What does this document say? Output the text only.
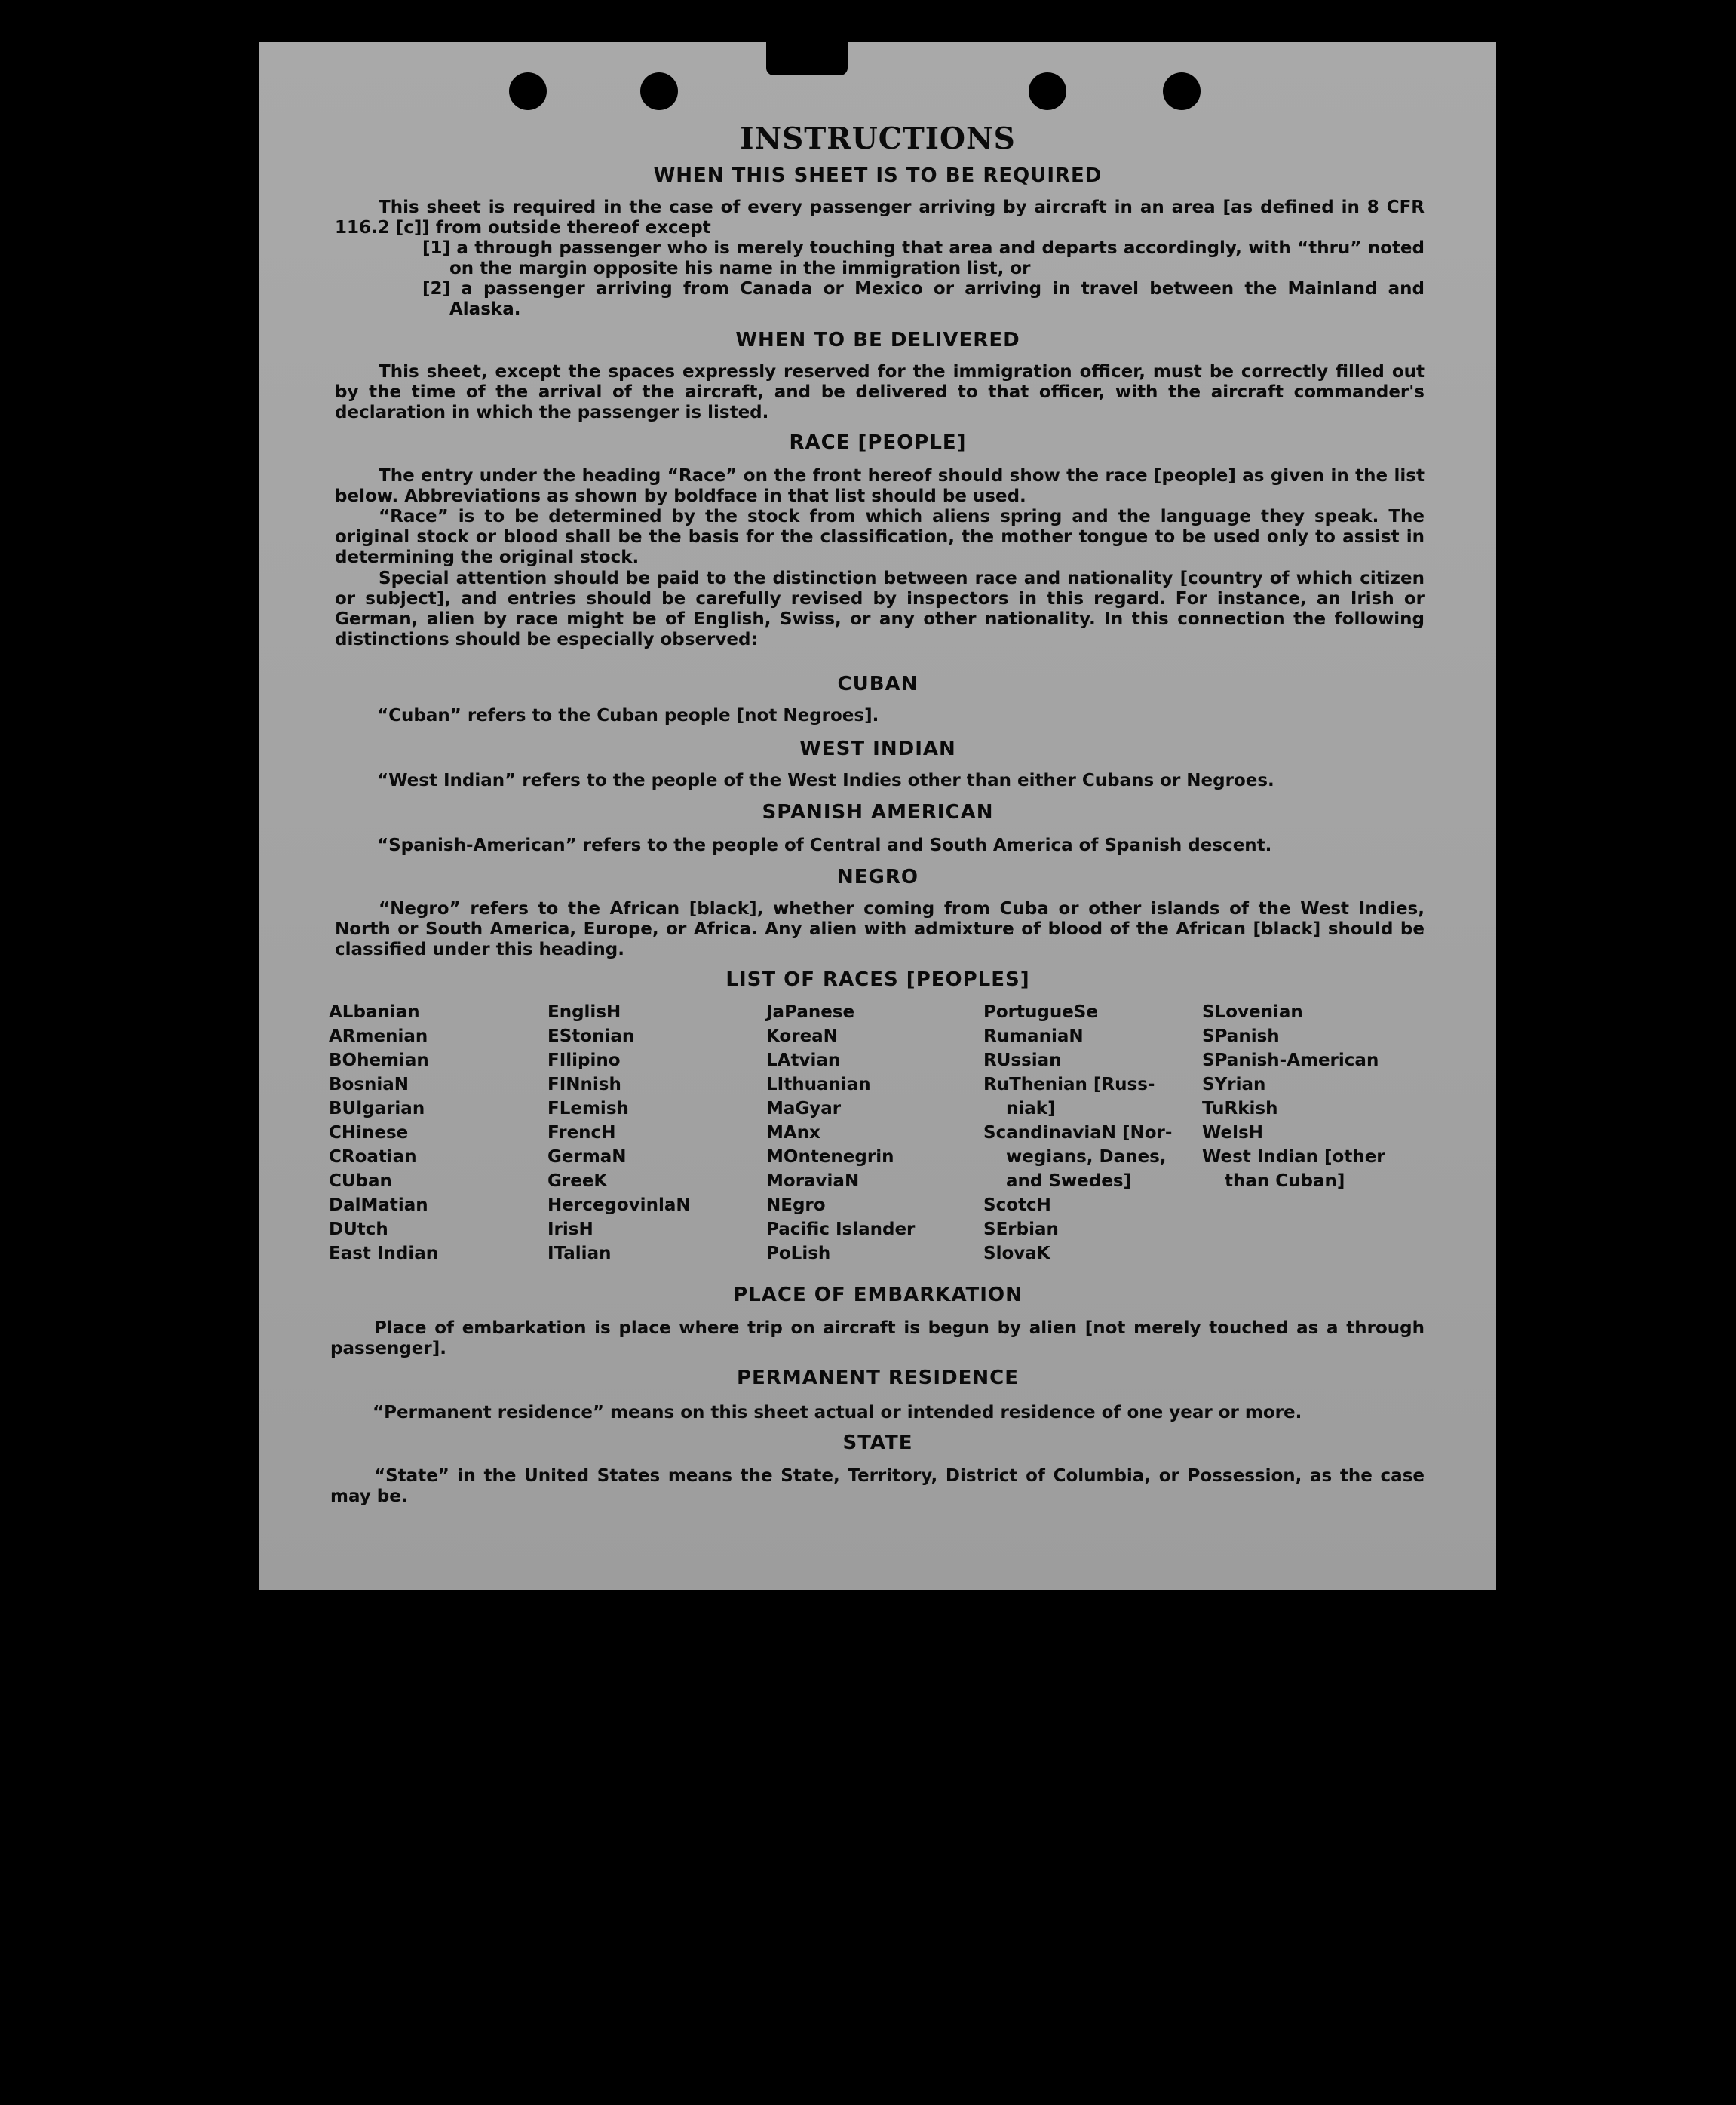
INSTRUCTIONS
WHEN THIS SHEET IS TO BE REQUIRED

This sheet is required in the case of every passenger arriving by aircraft in an area [as defined in 8 CFR 116.2 [c]] from outside thereof except

[1] a through passenger who is merely touching that area and departs accordingly, with “thru” noted on the margin opposite his name in the immigration list, or

[2] a passenger arriving from Canada or Mexico or arriving in travel between the Mainland and Alaska.

WHEN TO BE DELIVERED

This sheet, except the spaces expressly reserved for the immigration officer, must be correctly filled out by the time of the arrival of the aircraft, and be delivered to that officer, with the aircraft commander's declaration in which the passenger is listed.

RACE [PEOPLE]

The entry under the heading “Race” on the front hereof should show the race [people] as given in the list below. Abbreviations as shown by boldface in that list should be used.

“Race” is to be determined by the stock from which aliens spring and the language they speak. The original stock or blood shall be the basis for the classification, the mother tongue to be used only to assist in determining the original stock.

Special attention should be paid to the distinction between race and nationality [country of which citizen or subject], and entries should be carefully revised by inspectors in this regard. For instance, an Irish or German, alien by race might be of English, Swiss, or any other nationality. In this connection the following distinctions should be especially observed:

CUBAN

“Cuban” refers to the Cuban people [not Negroes].

WEST INDIAN

“West Indian” refers to the people of the West Indies other than either Cubans or Negroes.

SPANISH AMERICAN

“Spanish-American” refers to the people of Central and South America of Spanish descent.

NEGRO

“Negro” refers to the African [black], whether coming from Cuba or other islands of the West Indies, North or South America, Europe, or Africa. Any alien with admixture of blood of the African [black] should be classified under this heading.

LIST OF RACES [PEOPLES]
ALbanian
ARmenian
BOhemian
BosniaN
BUlgarian
CHinese
CRoatian
CUban
DalMatian
DUtch
East Indian
EnglisH
EStonian
FIlipino
FINnish
FLemish
FrencH
GermaN
GreeK
HercegovinlaN
IrisH
ITalian
JaPanese
KoreaN
LAtvian
LIthuanian
MaGyar
MAnx
MOntenegrin
MoraviaN
NEgro
Pacific Islander
PoLish
PortugueSe
RumaniaN
RUssian
RuThenian [Russ-
niak]
ScandinaviaN [Nor-
wegians, Danes,
and Swedes]
ScotcH
SErbian
SlovaK
SLovenian
SPanish
SPanish-American
SYrian
TuRkish
WelsH
West Indian [other
than Cuban]
PLACE OF EMBARKATION

Place of embarkation is place where trip on aircraft is begun by alien [not merely touched as a through passenger].

PERMANENT RESIDENCE

“Permanent residence” means on this sheet actual or intended residence of one year or more.

STATE

“State” in the United States means the State, Territory, District of Columbia, or Possession, as the case may be.
